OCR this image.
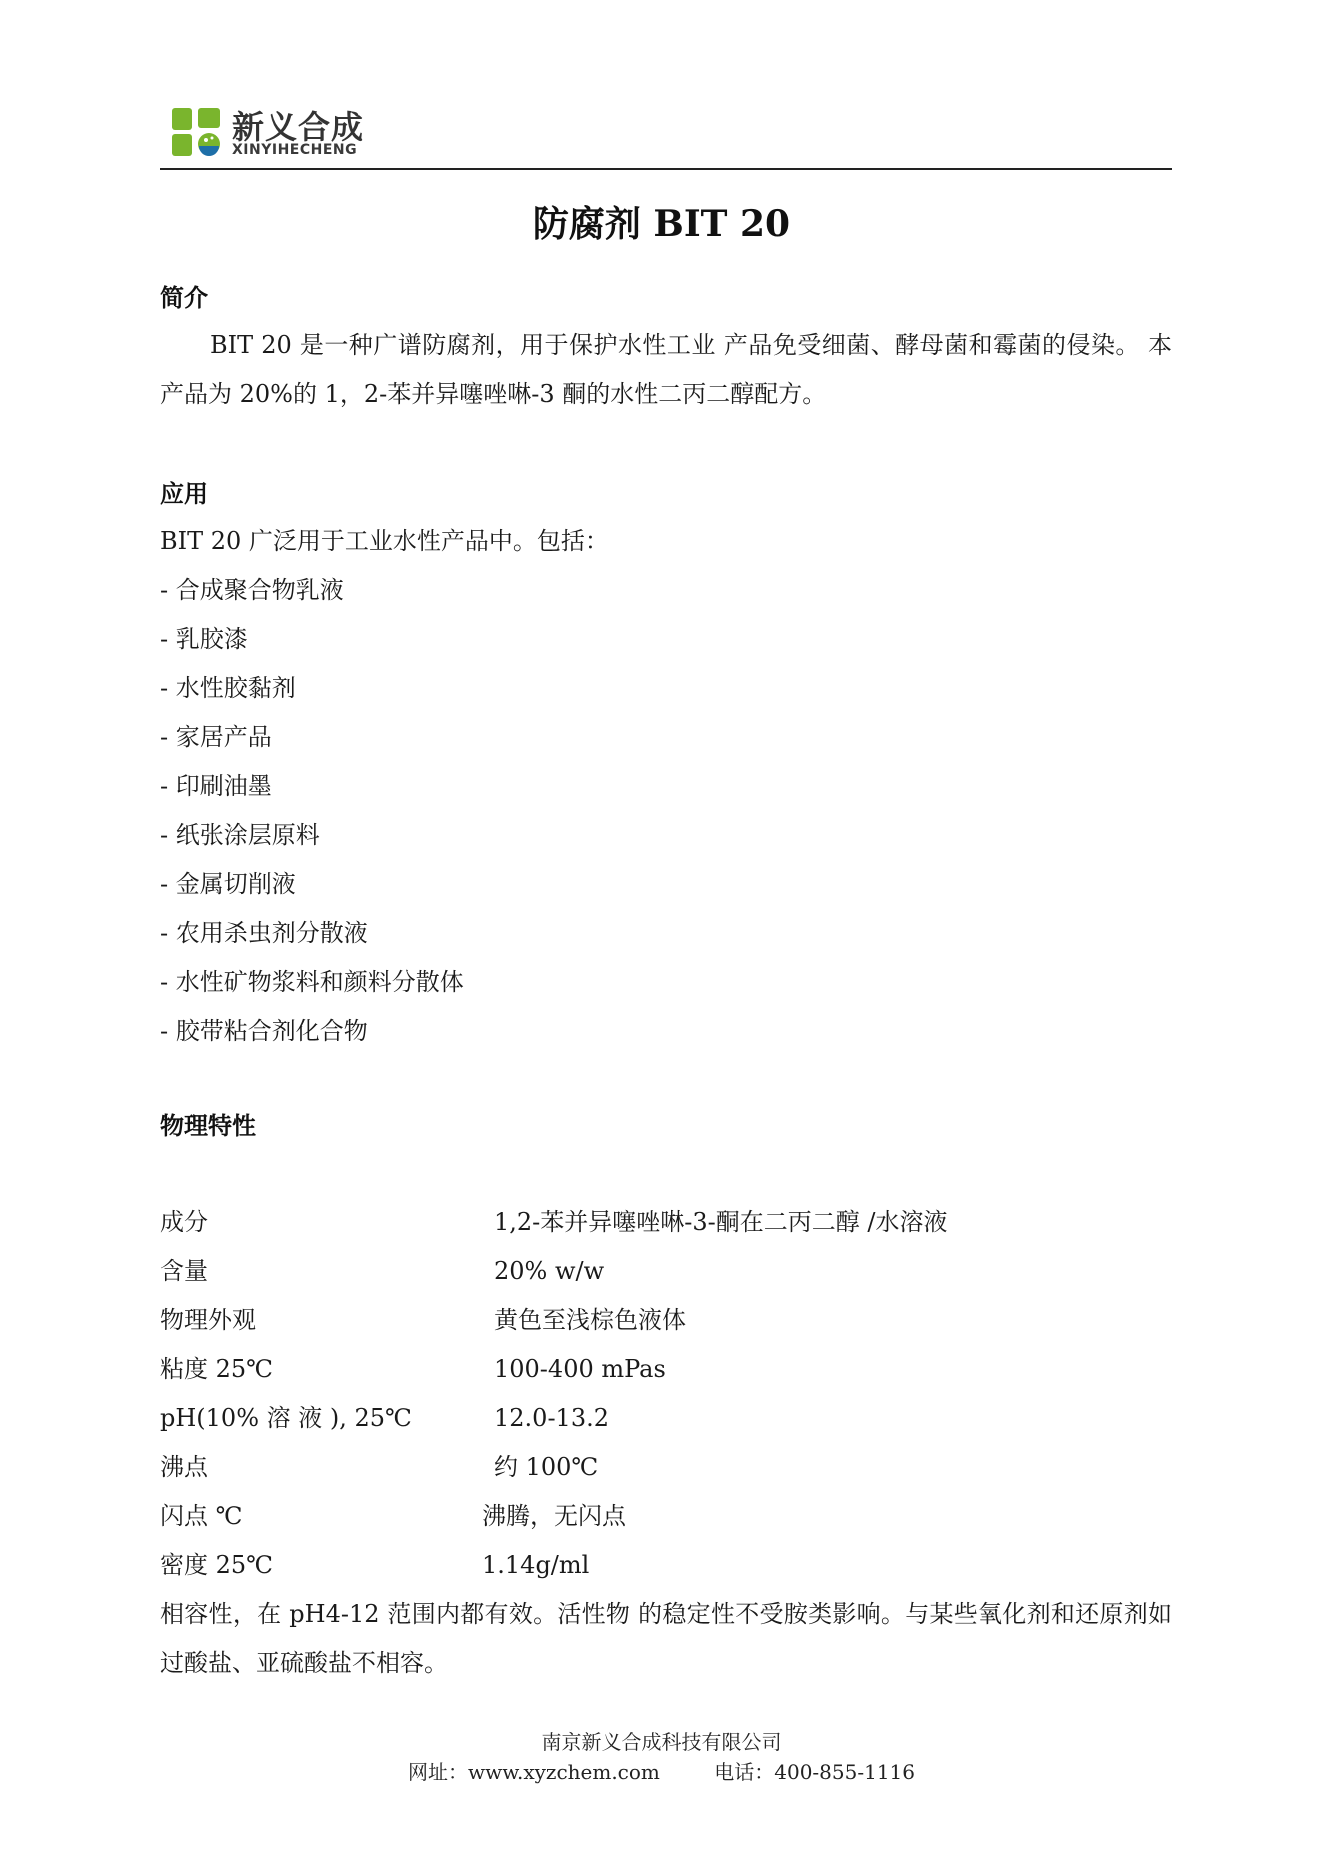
新义合成
XINYIHECHENG
防腐剂 BIT 20
简介

BIT 20 是一种广谱防腐剂，用于保护水性工业 产品免受细菌、酵母菌和霉菌的侵染。 本产品为 20%的 1，2-苯并异噻唑啉-3 酮的水性二丙二醇配方。

应用

BIT 20 广泛用于工业水性产品中。包括：

- 合成聚合物乳液
- 乳胶漆
- 水性胶黏剂
- 家居产品
- 印刷油墨
- 纸张涂层原料
- 金属切削液
- 农用杀虫剂分散液
- 水性矿物浆料和颜料分散体
- 胶带粘合剂化合物
物理特性
成分	1,2-苯并异噻唑啉-3-酮在二丙二醇 /水溶液
含量	20% w/w
物理外观	黄色至浅棕色液体
粘度 25℃	100-400 mPas
pH(10% 溶 液 ), 25℃	12.0-13.2
沸点	约 100℃
闪点 ℃	沸腾，无闪点
密度 25℃	1.14g/ml

相容性，在 pH4-12 范围内都有效。活性物 的稳定性不受胺类影响。与某些氧化剂和还原剂如过酸盐、亚硫酸盐不相容。

南京新义合成科技有限公司
网址：www.xyzchem.com	电话：400-855-1116
